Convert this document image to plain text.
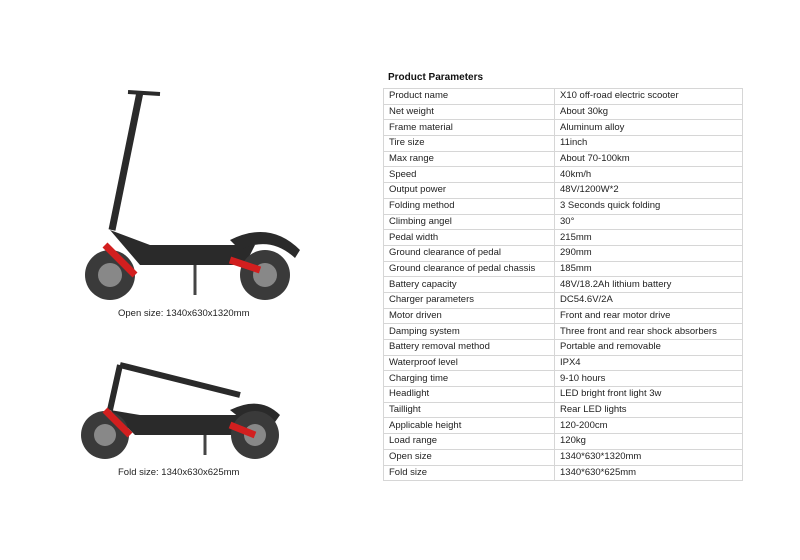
Open size: 1340x630x1320mm
Fold size: 1340x630x625mm
Product Parameters
Product name	X10 off-road electric scooter
Net weight	About 30kg
Frame material	Aluminum alloy
Tire size	11inch
Max range	About 70-100km
Speed	40km/h
Output power	48V/1200W*2
Folding method	3 Seconds quick folding
Climbing angel	30°
Pedal width	215mm
Ground clearance of pedal	290mm
Ground clearance of pedal chassis	185mm
Battery capacity	48V/18.2Ah lithium battery
Charger parameters	DC54.6V/2A
Motor driven	Front and rear motor drive
Damping system	Three front and rear shock absorbers
Battery removal method	Portable and removable
Waterproof level	IPX4
Charging time	9-10 hours
Headlight	LED bright front light 3w
Taillight	Rear LED lights
Applicable height	120-200cm
Load range	120kg
Open size	1340*630*1320mm
Fold size	1340*630*625mm
